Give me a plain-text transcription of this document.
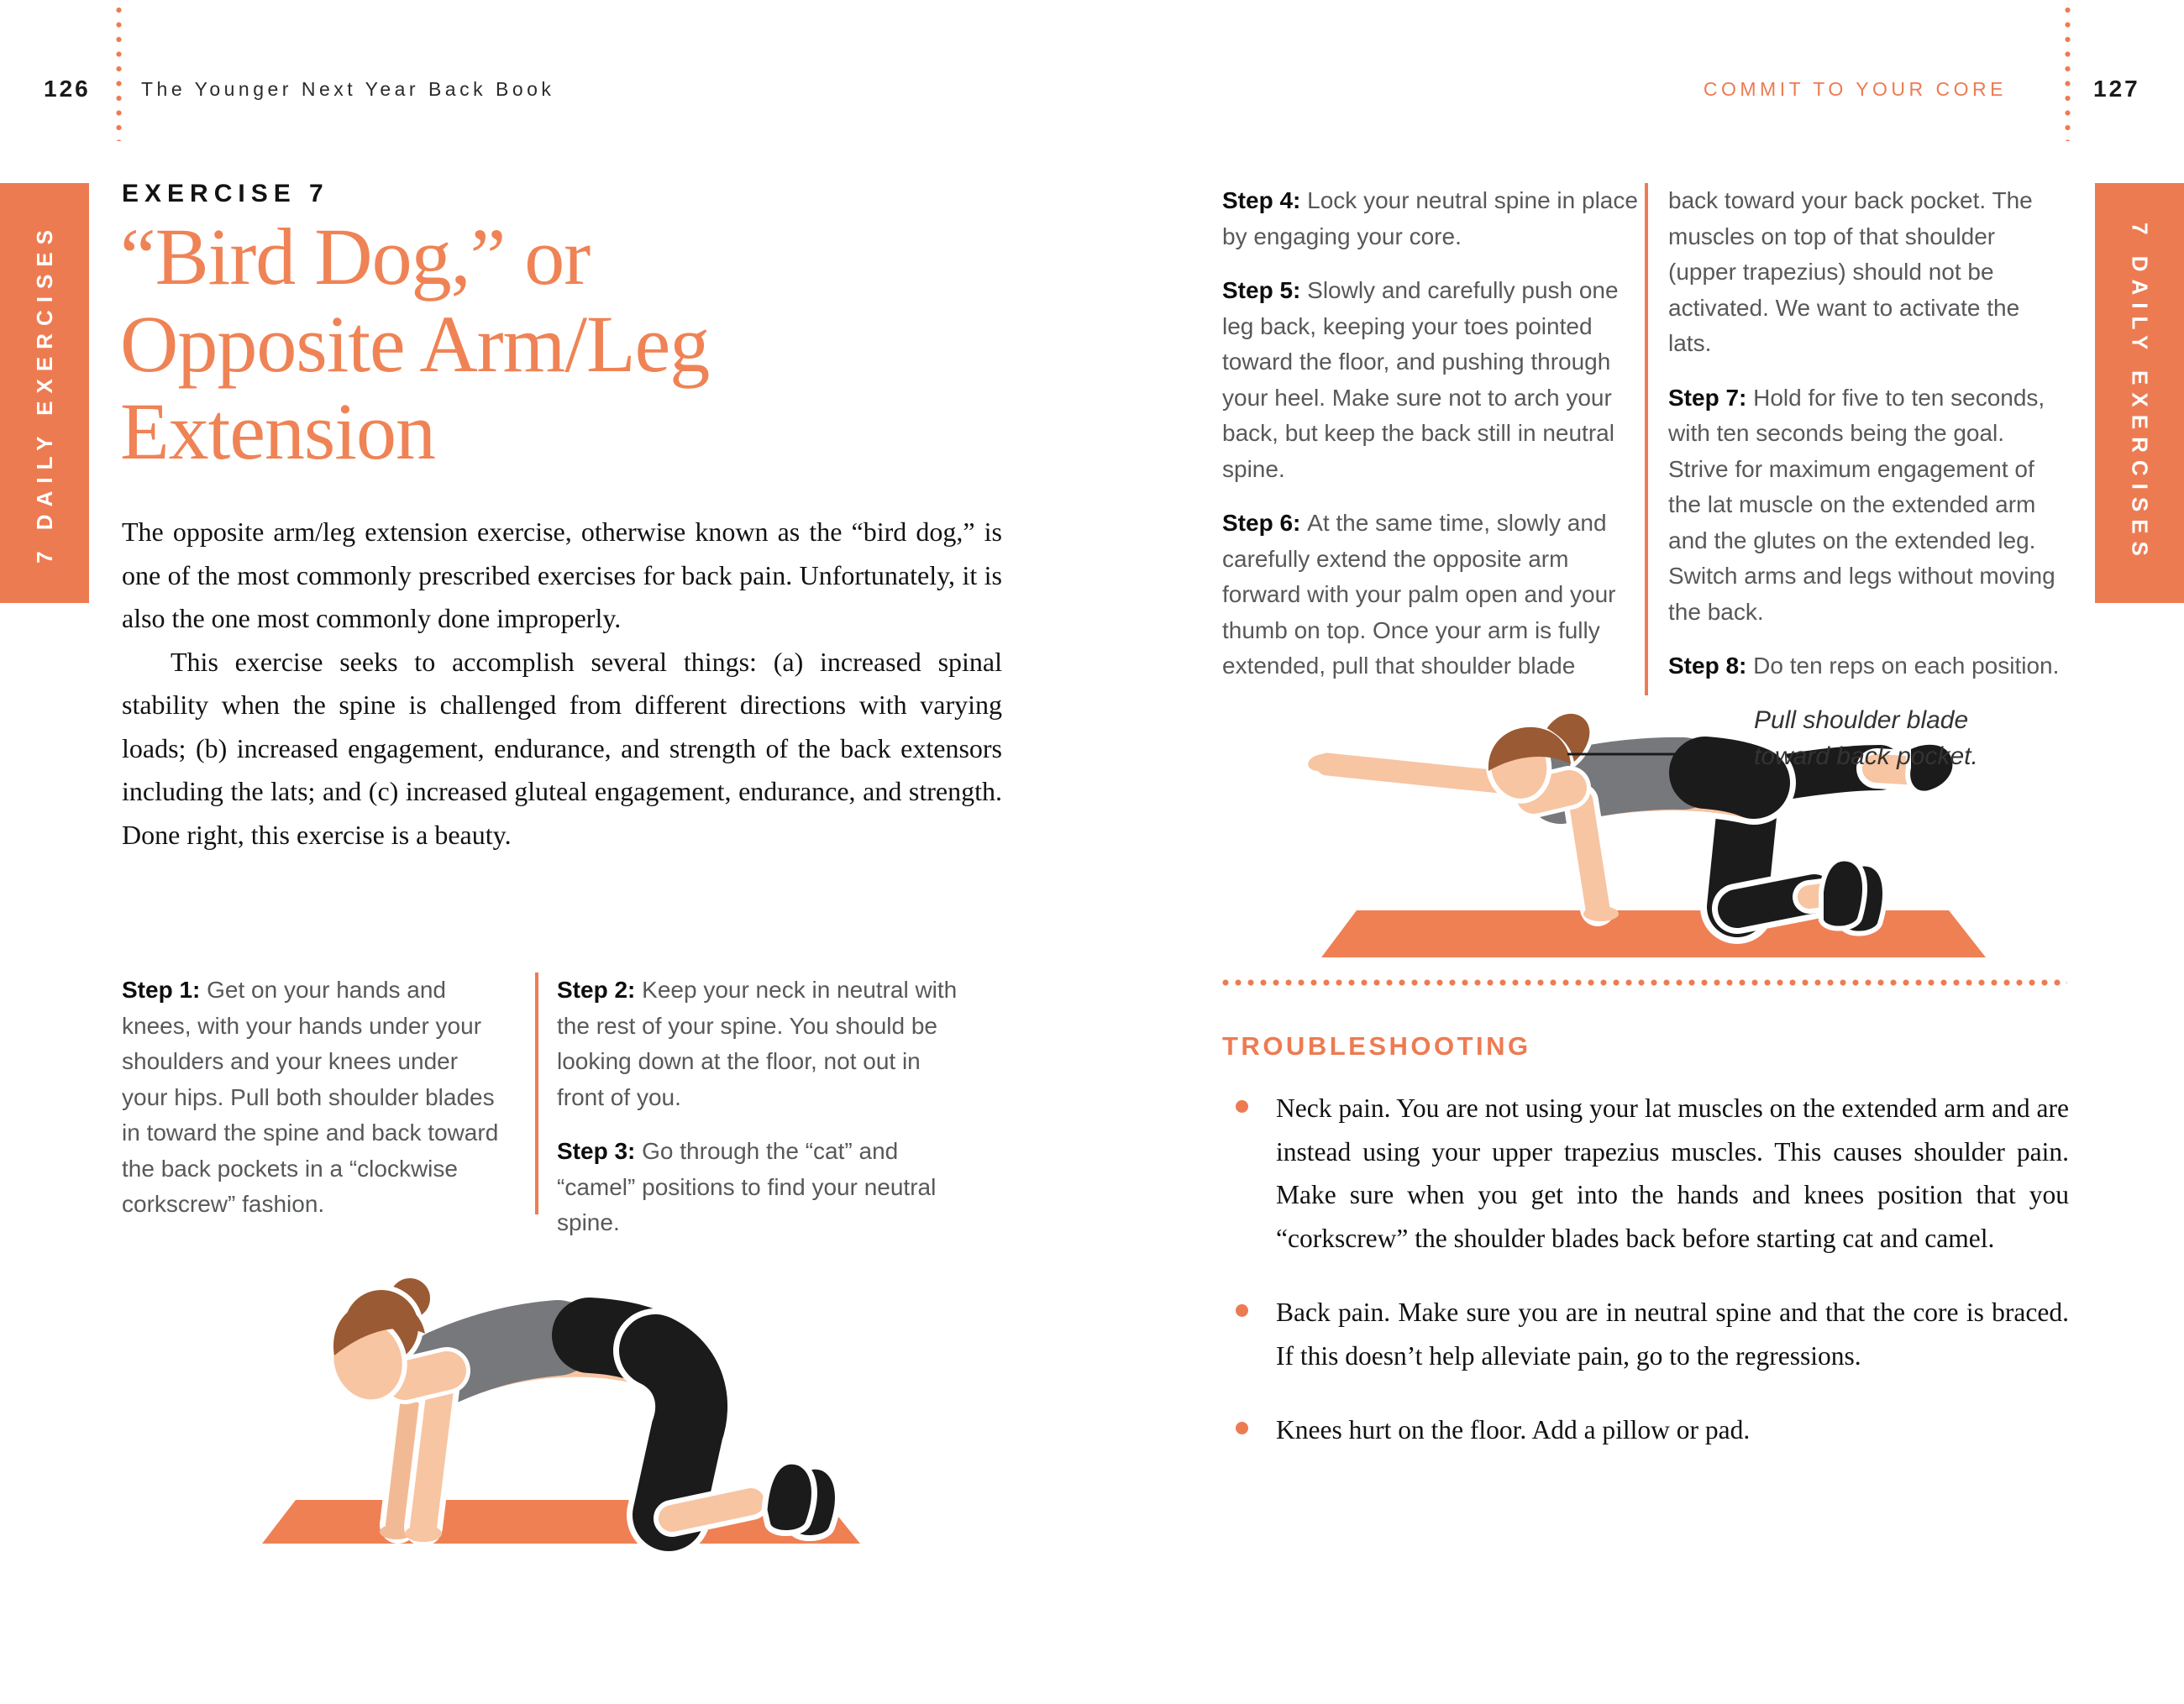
126	The Younger Next Year Back Book	COMMIT TO YOUR CORE	127
7 DAILY EXERCISES	7 DAILY EXERCISES
EXERCISE 7
“Bird Dog,” or
Opposite Arm/Leg
Extension

The opposite arm/leg extension exercise, otherwise known as the “bird dog,” is one of the most commonly prescribed exercises for back pain. Unfortunately, it is also the one most commonly done improperly.

This exercise seeks to accomplish several things: (a) increased spinal stability when the spine is challenged from different directions with varying loads; (b) increased engagement, endurance, and strength of the back extensors including the lats; and (c) increased gluteal engagement, endurance, and strength. Done right, this exercise is a beauty.

Step 1: Get on your hands and knees, with your hands under your shoulders and your knees under your hips. Pull both shoulder blades in toward the spine and back toward the back pockets in a “clockwise corkscrew” fashion.

Step 2: Keep your neck in neutral with the rest of your spine. You should be looking down at the floor, not out in front of you.

Step 3: Go through the “cat” and “camel” positions to find your neutral spine.

Step 4: Lock your neutral spine in place by engaging your core.

Step 5: Slowly and carefully push one leg back, keeping your toes pointed toward the floor, and pushing through your heel. Make sure not to arch your back, but keep the back still in neutral spine.

Step 6: At the same time, slowly and carefully extend the opposite arm forward with your palm open and your thumb on top. Once your arm is fully extended, pull that shoulder blade

back toward your back pocket. The muscles on top of that shoulder (upper trapezius) should not be activated. We want to activate the lats.

Step 7: Hold for five to ten seconds, with ten seconds being the goal. Strive for maximum engagement of the lat muscle on the extended arm and the glutes on the extended leg. Switch arms and legs without moving the back.

Step 8: Do ten reps on each position.

Pull shoulder blade toward back pocket.
TROUBLESHOOTING

Neck pain. You are not using your lat muscles on the extended arm and are instead using your upper trapezius muscles. This causes shoulder pain. Make sure when you get into the hands and knees position that you “corkscrew” the shoulder blades back before starting cat and camel.

Back pain. Make sure you are in neutral spine and that the core is braced. If this doesn’t help alleviate pain, go to the regressions.

Knees hurt on the floor. Add a pillow or pad.
